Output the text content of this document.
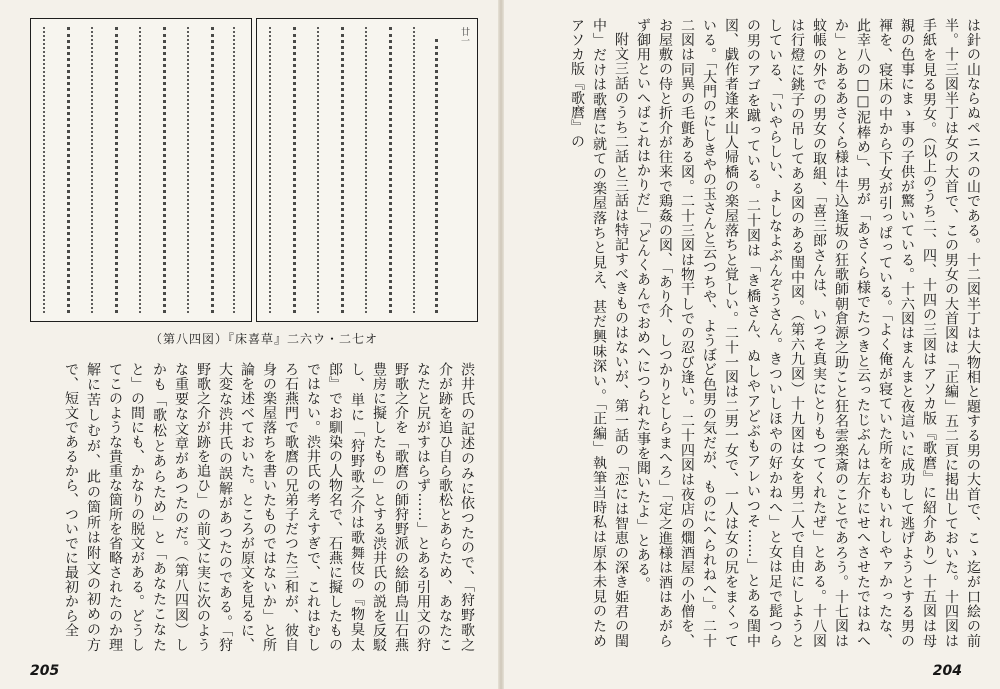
廿一
（第八四図）『床喜草』二六ウ・二七オ
渋井氏の記述のみに依つたので、「狩野歌之介が跡を追ひ自ら歌松とあらため、あなたこなたと尻がすはらず……」とある引用文の狩野歌之介を「歌麿の師狩野派の絵師鳥山石燕豊房に擬したもの」とする渋井氏の説を反駁し、単に「狩野歌之介は歌舞伎の『物臭太郎』でお馴染の人物名で、石燕に擬したものではない。渋井氏の考えすぎで、これはむしろ石燕門で歌麿の兄弟子だつた三和が、彼自身の楽屋落ちを書いたものではないか」と所論を述べておいた。ところが原文を見るに、大変な渋井氏の誤解があつたのである。「狩野歌之介が跡を追ひ」の前文に実に次のような重要な文章があつたのだ。（第八四図）しかも「歌松とあらため」と「あなたこなたと」の間にも、かなりの脱文がある。どうしてこのような貴重な箇所を省略されたのか理解に苦しむが、此の箇所は附文の初めの方で、短文であるから、ついでに最初から全
205
は針の山ならぬペニスの山である。十二図半丁は大物相と題する男の大首で、こゝ迄が口絵の前半。十三図半丁は女の大首で、この男女の大首図は「正編」五二頁に掲出しておいた。十四図は手紙を見る男女。（以上のうち二、四、十四の三図はアソカ版『歌麿』に紹介あり）十五図は母親の色事にまゝ事の子供が驚いている。十六図はまんまと夜這いに成功して逃げようとする男の褌を、寝床の中から下女が引っぱっている。「よく俺が寝ていた所をおもいれしやァかったな、此幸八の□□泥棒め」、男が「あさくら様でたつきと云ったじぶんは左介にせへさせたではねへか」とあるあさくら様は牛込逢坂の狂歌師朝倉源之助こと狂名雲楽斎のことであろう。十七図は蚊帳の外での男女の取組、「喜三郎さんは、いつそ真実にとりもつてくれたぜ」とある。十八図は行燈に銚子の吊してある図のある閨中図。（第六九図）十九図は女を男二人で自由にしようとしている、「いやらしい、よしなよぶんぞうさん。きついしほやの好かねへ」と女は足で髭つらの男のアゴを蹴っている。二十図は「き橋さん、ぬしやアどぶもアレいつそ……」とある閨中図、戯作者逢来山人帰橋の楽屋落ちと覚しい。二十一図は二男一女で、一人は女の尻をまくっている。「大門のにしきやの玉さんと云つちや、ようぼど色男の気だが、ものにへられねへ」。二十二図は同異の毛氈ある図。二十三図は物干しでの忍び逢い。二十四図は夜店の燗酒屋の小僧を、お屋敷の侍と折介が往来で鶏姦の図、「あり介、しつかりとしらまへろ」「定之進様は酒はあがらず御用といへばこれはかりだ」「どんくあんでおめへにつられた事を聞いたよ」とある。
附文三話のうち二話と三話は特記すべきものはないが、第一話の「恋には智恵の深き姫君の閨中」だけは歌麿に就ての楽屋落ちと見え、甚だ興味深い。「正編」執筆当時私は原本未見のためアソカ版『歌麿』の
204
